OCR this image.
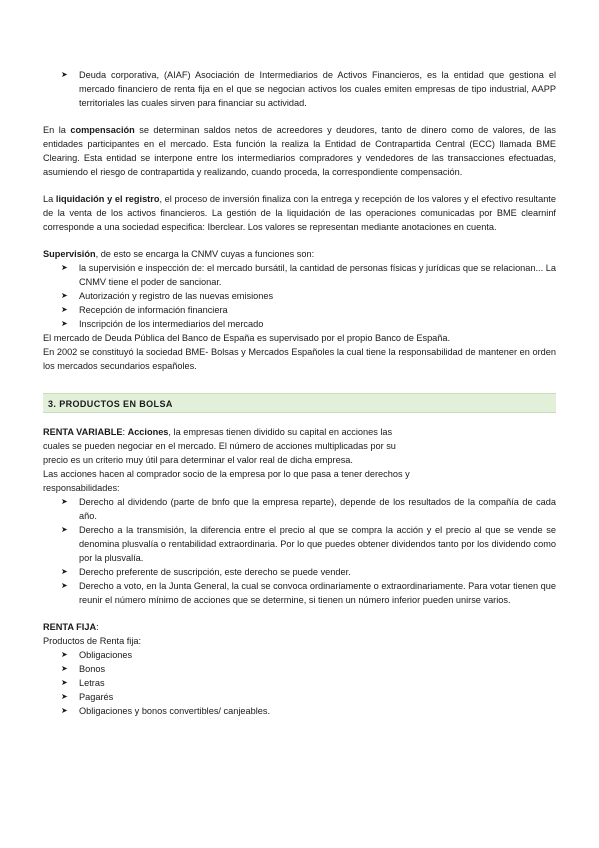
➤ Deuda corporativa, (AIAF) Asociación de Intermediarios de Activos Financieros, es la entidad que gestiona el mercado financiero de renta fija en el que se negocian activos los cuales emiten empresas de tipo industrial, AAPP territoriales las cuales sirven para financiar su actividad.

En la compensación se determinan saldos netos de acreedores y deudores, tanto de dinero como de valores, de las entidades participantes en el mercado. Esta función la realiza la Entidad de Contrapartida Central (ECC) llamada BME Clearing. Esta entidad se interpone entre los intermediarios compradores y vendedores de las transacciones efectuadas, asumiendo el riesgo de contrapartida y realizando, cuando proceda, la correspondiente compensación.

La liquidación y el registro, el proceso de inversión finaliza con la entrega y recepción de los valores y el efectivo resultante de la venta de los activos financieros. La gestión de la liquidación de las operaciones comunicadas por BME clearninf corresponde a una sociedad especifica: Iberclear. Los valores se representan mediante anotaciones en cuenta.

Supervisión, de esto se encarga la CNMV cuyas a funciones son:

➤ la supervisión e inspección de: el mercado bursátil, la cantidad de personas físicas y jurídicas que se relacionan... La CNMV tiene el poder de sancionar.
➤ Autorización y registro de las nuevas emisiones
➤ Recepción de información financiera
➤ Inscripción de los intermediarios del mercado

El mercado de Deuda Pública del Banco de España es supervisado por el propio Banco de España.

En 2002 se constituyó la sociedad BME- Bolsas y Mercados Españoles la cual tiene la responsabilidad de mantener en orden los mercados secundarios españoles.

3. PRODUCTOS EN BOLSA

RENTA VARIABLE: Acciones, la empresas tienen dividido su capital en acciones las cuales se pueden negociar en el mercado. El número de acciones multiplicadas por su precio es un criterio muy útil para determinar el valor real de dicha empresa.

Las acciones hacen al comprador socio de la empresa por lo que pasa a tener derechos y responsabilidades:

➤ Derecho al dividendo (parte de bnfo que la empresa reparte), depende de los resultados de la compañía de cada año.
➤ Derecho a la transmisión, la diferencia entre el precio al que se compra la acción y el precio al que se vende se denomina plusvalía o rentabilidad extraordinaria. Por lo que puedes obtener dividendos tanto por los dividendo como por la plusvalía.
➤ Derecho preferente de suscripción, este derecho se puede vender.
➤ Derecho a voto, en la Junta General, la cual se convoca ordinariamente o extraordinariamente. Para votar tienen que reunir el número mínimo de acciones que se determine, si tienen un número inferior pueden unirse varios.

RENTA FIJA:

Productos de Renta fija:

➤ Obligaciones
➤ Bonos
➤ Letras
➤ Pagarés
➤ Obligaciones y bonos convertibles/ canjeables.
